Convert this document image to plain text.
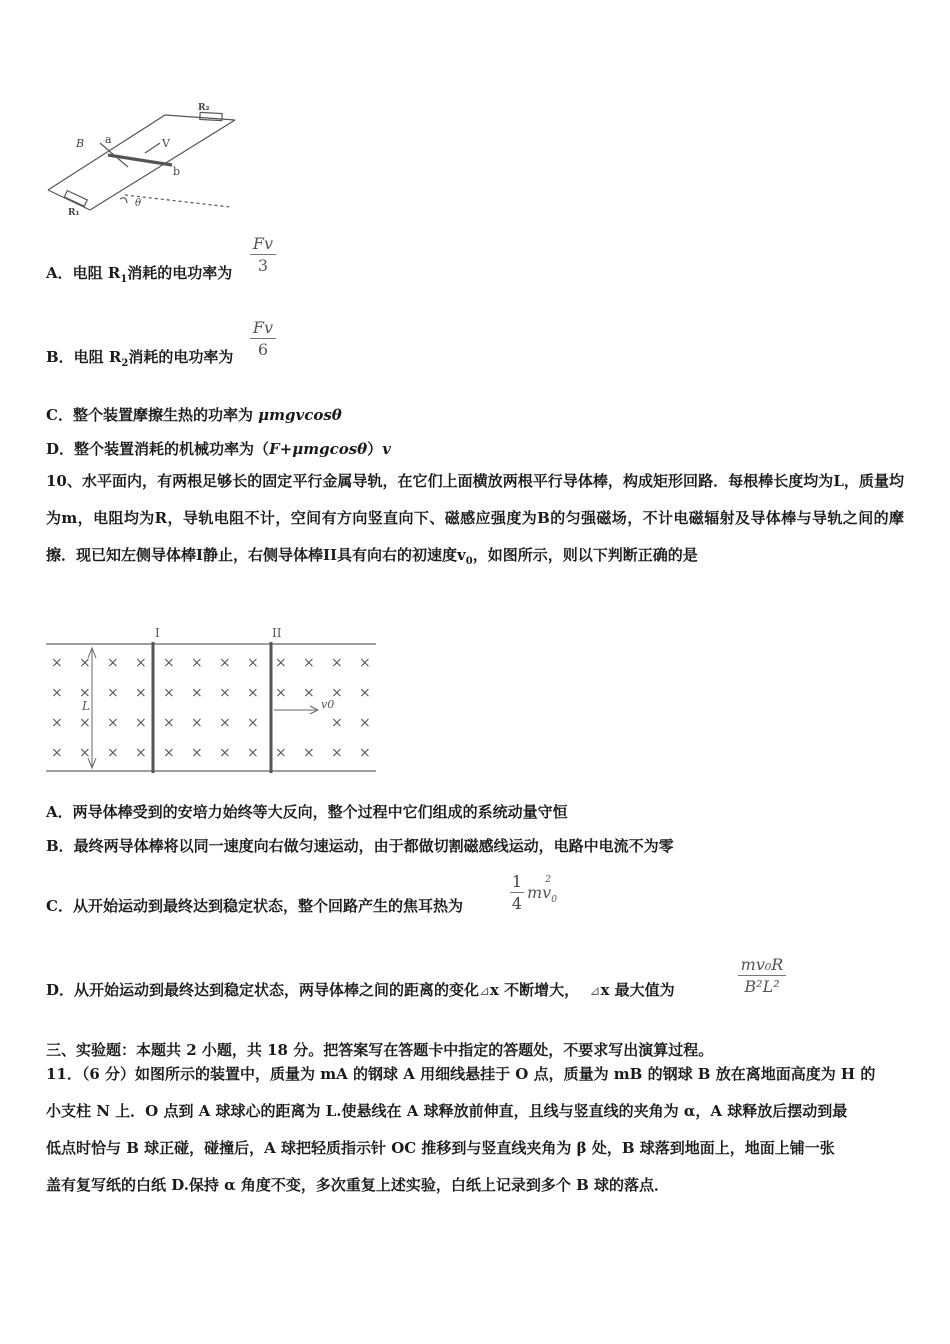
B a	V
b
R₁
R₂
θ
A．电阻 $R_1$消耗的电功率为
Fv
3
B．电阻 $R_2$消耗的电功率为
Fv
6
C．整个装置摩擦生热的功率为 μmgvcosθ
D．整个装置消耗的机械功率为（F+μmgcosθ）v
10、水平面内，有两根足够长的固定平行金属导轨，在它们上面横放两根平行导体棒，构成矩形回路．每根棒长度均为L，质量均为m，电阻均为R，导轨电阻不计，空间有方向竖直向下、磁感应强度为B的匀强磁场，不计电磁辐射及导体棒与导轨之间的摩擦．现已知左侧导体棒I静止，右侧导体棒II具有向右的初速度$v_0$，如图所示，则以下判断正确的是
I	II
L	v0
× × × × × × × × × × × ×
× × × × × × × × × × × ×
× × × × × × × ×	× ×
× × × × × × × × × × × ×
A．两导体棒受到的安培力始终等大反向，整个过程中它们组成的系统动量守恒
B．最终两导体棒将以同一速度向右做匀速运动，由于都做切割磁感线运动，电路中电流不为零
C．从开始运动到最终达到稳定状态，整个回路产生的焦耳热为
1
4
$mv_0$
2
D．从开始运动到最终达到稳定状态，两导体棒之间的距离的变化⊿x 不断增大， ⊿x 最大值为
mv₀R
B²L²
三、实验题：本题共 2 小题，共 18 分。把答案写在答题卡中指定的答题处，不要求写出演算过程。
11．（6 分）如图所示的装置中，质量为 mA 的钢球 A 用细线悬挂于 O 点，质量为 mB 的钢球 B 放在离地面高度为 H 的
小支柱 N 上．O 点到 A 球球心的距离为 L.使悬线在 A 球释放前伸直，且线与竖直线的夹角为 α，A 球释放后摆动到最
低点时恰与 B 球正碰，碰撞后，A 球把轻质指示针 OC 推移到与竖直线夹角为 β 处，B 球落到地面上，地面上铺一张
盖有复写纸的白纸 D.保持 α 角度不变，多次重复上述实验，白纸上记录到多个 B 球的落点．
